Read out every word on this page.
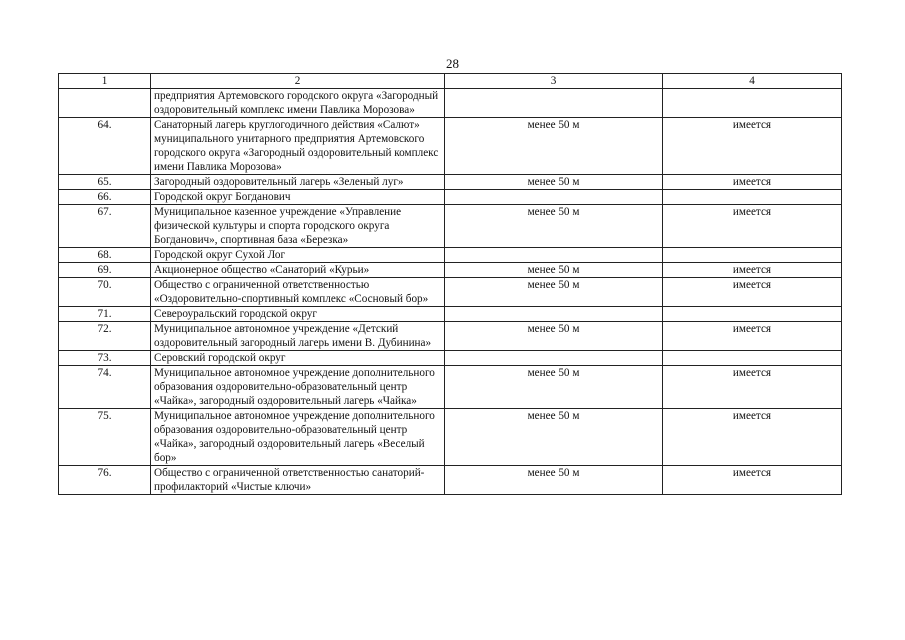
28
1	2	3	4
	предприятия Артемовского городского округа «Загородный оздоровительный комплекс имени Павлика Морозова»		
64.	Санаторный лагерь круглогодичного действия «Салют» муниципального унитарного предприятия Артемовского городского округа «Загородный оздоровительный комплекс имени Павлика Морозова»	менее 50 м	имеется
65.	Загородный оздоровительный лагерь «Зеленый луг»	менее 50 м	имеется
66.	Городской округ Богданович		
67.	Муниципальное казенное учреждение «Управление физической культуры и спорта городского округа Богданович», спортивная база «Березка»	менее 50 м	имеется
68.	Городской округ Сухой Лог		
69.	Акционерное общество «Санаторий «Курьи»	менее 50 м	имеется
70.	Общество с ограниченной ответственностью «Оздоровительно-спортивный комплекс «Сосновый бор»	менее 50 м	имеется
71.	Североуральский городской округ		
72.	Муниципальное автономное учреждение «Детский оздоровительный загородный лагерь имени В. Дубинина»	менее 50 м	имеется
73.	Серовский городской округ		
74.	Муниципальное автономное учреждение дополнительного образования оздоровительно-образовательный центр «Чайка», загородный оздоровительный лагерь «Чайка»	менее 50 м	имеется
75.	Муниципальное автономное учреждение дополнительного образования оздоровительно-образовательный центр «Чайка», загородный оздоровительный лагерь «Веселый бор»	менее 50 м	имеется
76.	Общество с ограниченной ответственностью санаторий-профилакторий «Чистые ключи»	менее 50 м	имеется
